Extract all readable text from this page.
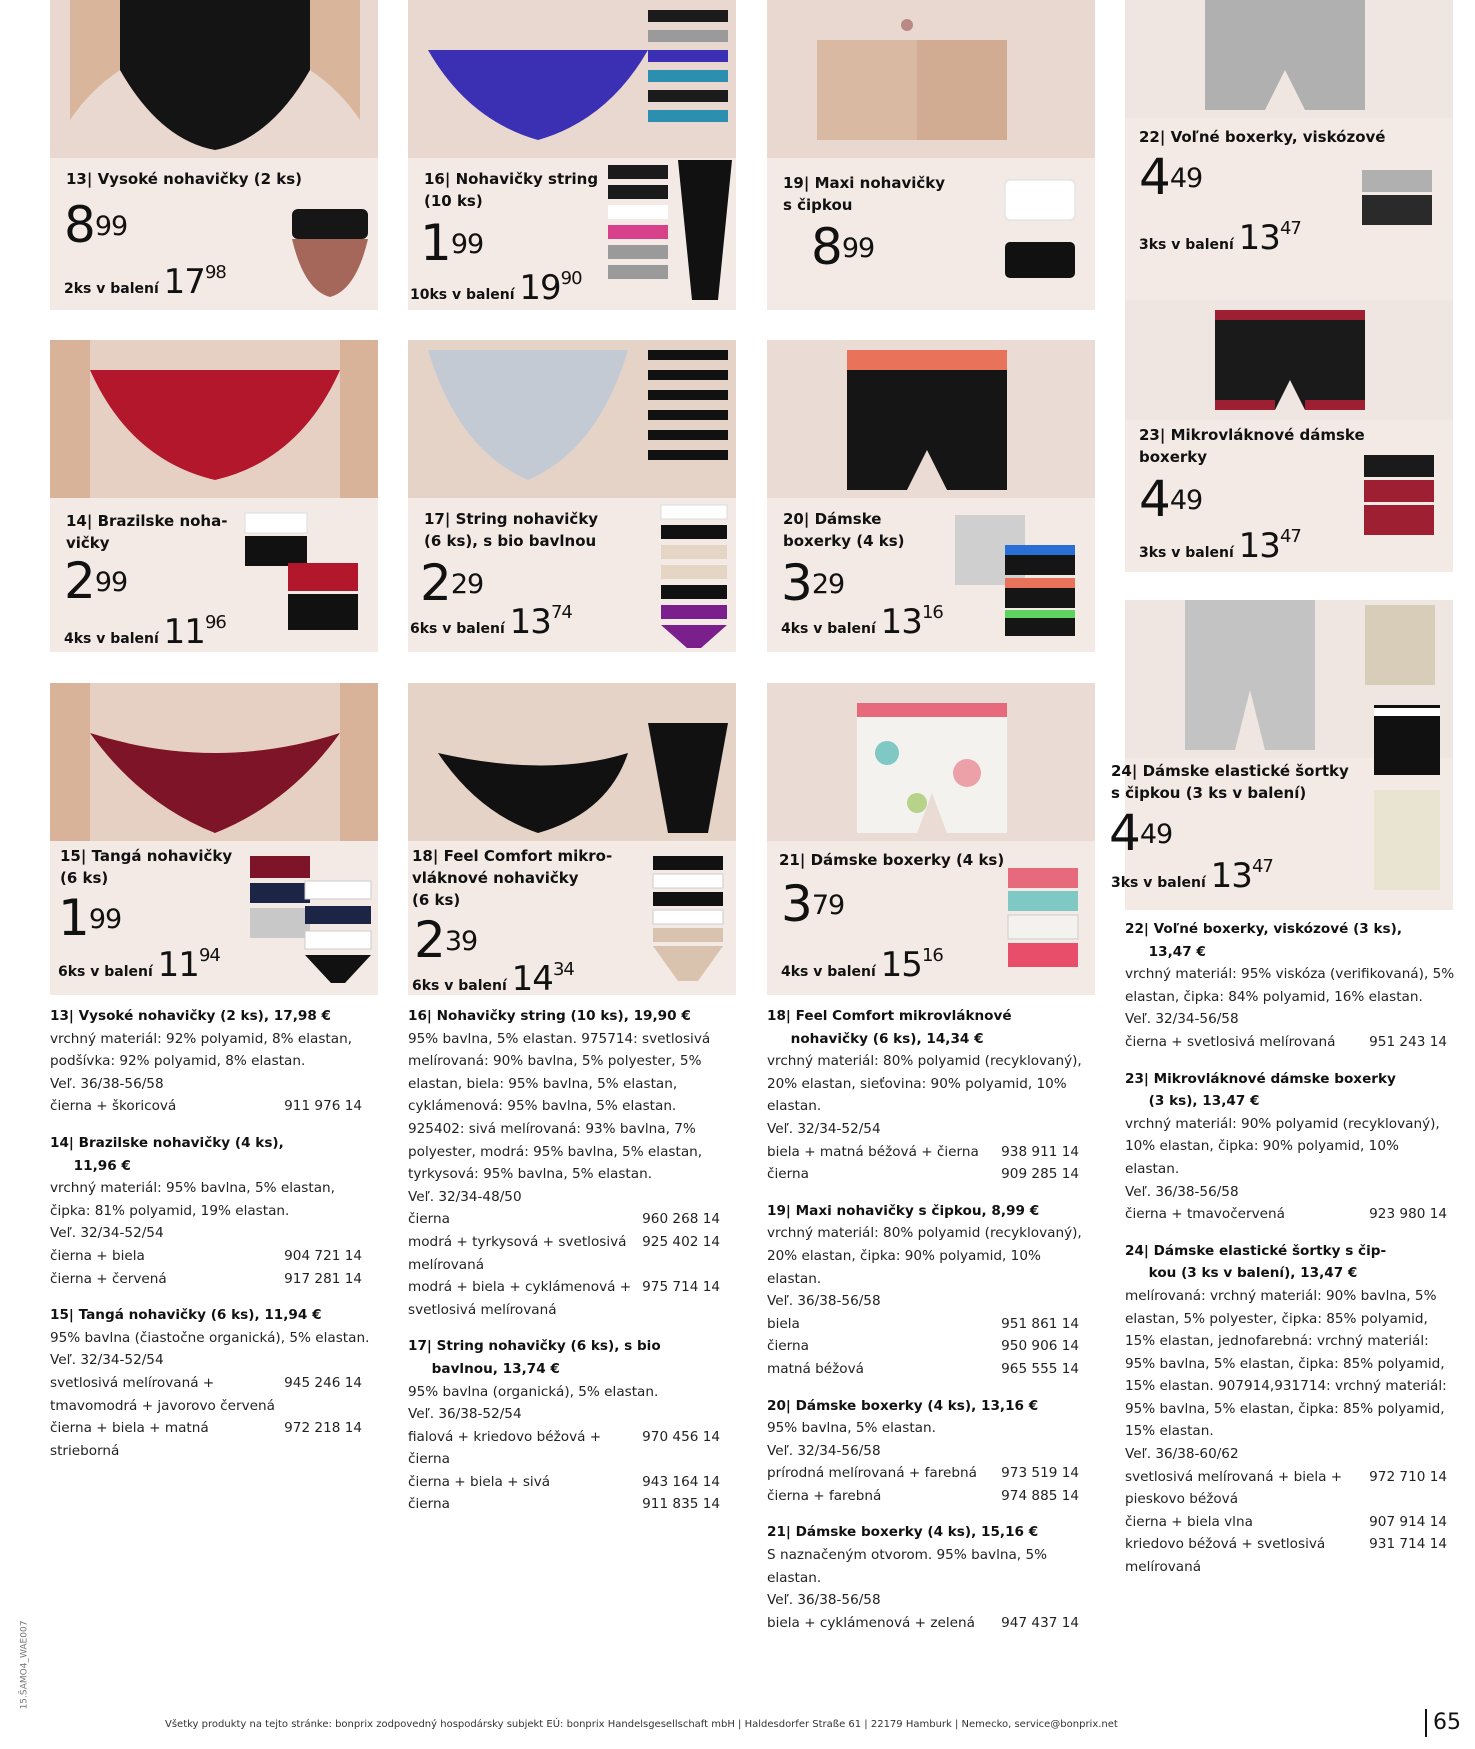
13| Vysoké nohavičky (2 ks)
$8^{99}$
2ks v balení $17^{98}$
16| Nohavičky string
(10 ks)
$1^{99}$
10ks v balení $19^{90}$
19| Maxi nohavičky
s čipkou
$8^{99}$
22| Voľné boxerky, viskózové
$4^{49}$
3ks v balení $13^{47}$
14| Brazilske noha-
vičky
$2^{99}$
4ks v balení $11^{96}$
17| String nohavičky
(6 ks), s bio bavlnou
$2^{29}$
6ks v balení $13^{74}$
20| Dámske
boxerky (4 ks)
$3^{29}$
4ks v balení $13^{16}$
23| Mikrovláknové dámske
boxerky
$4^{49}$
3ks v balení $13^{47}$
15| Tangá nohavičky
(6 ks)
$1^{99}$
6ks v balení $11^{94}$
18| Feel Comfort mikro-
vláknové nohavičky
(6 ks)
$2^{39}$
6ks v balení $14^{34}$
21| Dámske boxerky (4 ks)
$3^{79}$
4ks v balení $15^{16}$
24| Dámske elastické šortky
s čipkou (3 ks v balení)
$4^{49}$
3ks v balení $13^{47}$
13| Vysoké nohavičky (2 ks), 17,98 €
vrchný materiál: 92% polyamid, 8% elastan, podšívka: 92% polyamid, 8% elastan.
Veľ. 36/38-56/58
čierna + škoricová	911 976 14
14| Brazilske nohavičky (4 ks),
11,96 €
vrchný materiál: 95% bavlna, 5% elastan, čipka: 81% polyamid, 19% elastan.
Veľ. 32/34-52/54
čierna + biela	904 721 14
čierna + červená	917 281 14
15| Tangá nohavičky (6 ks), 11,94 €
95% bavlna (čiastočne organická), 5% elastan.
Veľ. 32/34-52/54
svetlosivá melírovaná + tmavomodrá + javorovo červená
945 246 14
čierna + biela + matná strieborná
972 218 14
16| Nohavičky string (10 ks), 19,90 €
95% bavlna, 5% elastan. 975714: svetlosivá melírovaná: 90% bavlna, 5% polyester, 5% elastan, biela: 95% bavlna, 5% elastan, cyklámenová: 95% bavlna, 5% elastan. 925402: sivá melírovaná: 93% bavlna, 7% polyester, modrá: 95% bavlna, 5% elastan, tyrkysová: 95% bavlna, 5% elastan.
Veľ. 32/34-48/50
čierna	960 268 14
modrá + tyrkysová + svetlosivá melírovaná
925 402 14
modrá + biela + cyklámenová + svetlosivá melírovaná
975 714 14
17| String nohavičky (6 ks), s bio
bavlnou, 13,74 €
95% bavlna (organická), 5% elastan.
Veľ. 36/38-52/54
fialová + kriedovo béžová + čierna
970 456 14
čierna + biela + sivá	943 164 14
čierna	911 835 14
18| Feel Comfort mikrovláknové
nohavičky (6 ks), 14,34 €
vrchný materiál: 80% polyamid (recyklovaný), 20% elastan, sieťovina: 90% polyamid, 10% elastan.
Veľ. 32/34-52/54
biela + matná béžová + čierna	938 911 14
čierna	909 285 14
19| Maxi nohavičky s čipkou, 8,99 €
vrchný materiál: 80% polyamid (recyklovaný), 20% elastan, čipka: 90% polyamid, 10% elastan.
Veľ. 36/38-56/58
biela	951 861 14
čierna	950 906 14
matná béžová	965 555 14
20| Dámske boxerky (4 ks), 13,16 €
95% bavlna, 5% elastan.
Veľ. 32/34-56/58
prírodná melírovaná + farebná	973 519 14
čierna + farebná	974 885 14
21| Dámske boxerky (4 ks), 15,16 €
S naznačeným otvorom. 95% bavlna, 5% elastan.
Veľ. 36/38-56/58
biela + cyklámenová + zelená	947 437 14
22| Voľné boxerky, viskózové (3 ks),
13,47 €
vrchný materiál: 95% viskóza (verifikovaná), 5% elastan, čipka: 84% polyamid, 16% elastan.
Veľ. 32/34-56/58
čierna + svetlosivá melírovaná	951 243 14
23| Mikrovláknové dámske boxerky
(3 ks), 13,47 €
vrchný materiál: 90% polyamid (recyklovaný), 10% elastan, čipka: 90% polyamid, 10% elastan.
Veľ. 36/38-56/58
čierna + tmavočervená	923 980 14
24| Dámske elastické šortky s čip-
kou (3 ks v balení), 13,47 €
melírovaná: vrchný materiál: 90% bavlna, 5% elastan, 5% polyester, čipka: 85% polyamid, 15% elastan, jednofarebná: vrchný materiál: 95% bavlna, 5% elastan, čipka: 85% polyamid, 15% elastan. 907914,931714: vrchný materiál: 95% bavlna, 5% elastan, čipka: 85% polyamid, 15% elastan.
Veľ. 36/38-60/62
svetlosivá melírovaná + biela + pieskovo béžová
972 710 14
čierna + biela vlna	907 914 14
kriedovo béžová + svetlosivá melírovaná
931 714 14
Všetky produkty na tejto stránke: bonprix zodpovedný hospodársky subjekt EÚ: bonprix Handelsgesellschaft mbH | Haldesdorfer Straße 61 | 22179 Hamburk | Nemecko, service@bonprix.net	65
15.ŠAMO4_WAE007
